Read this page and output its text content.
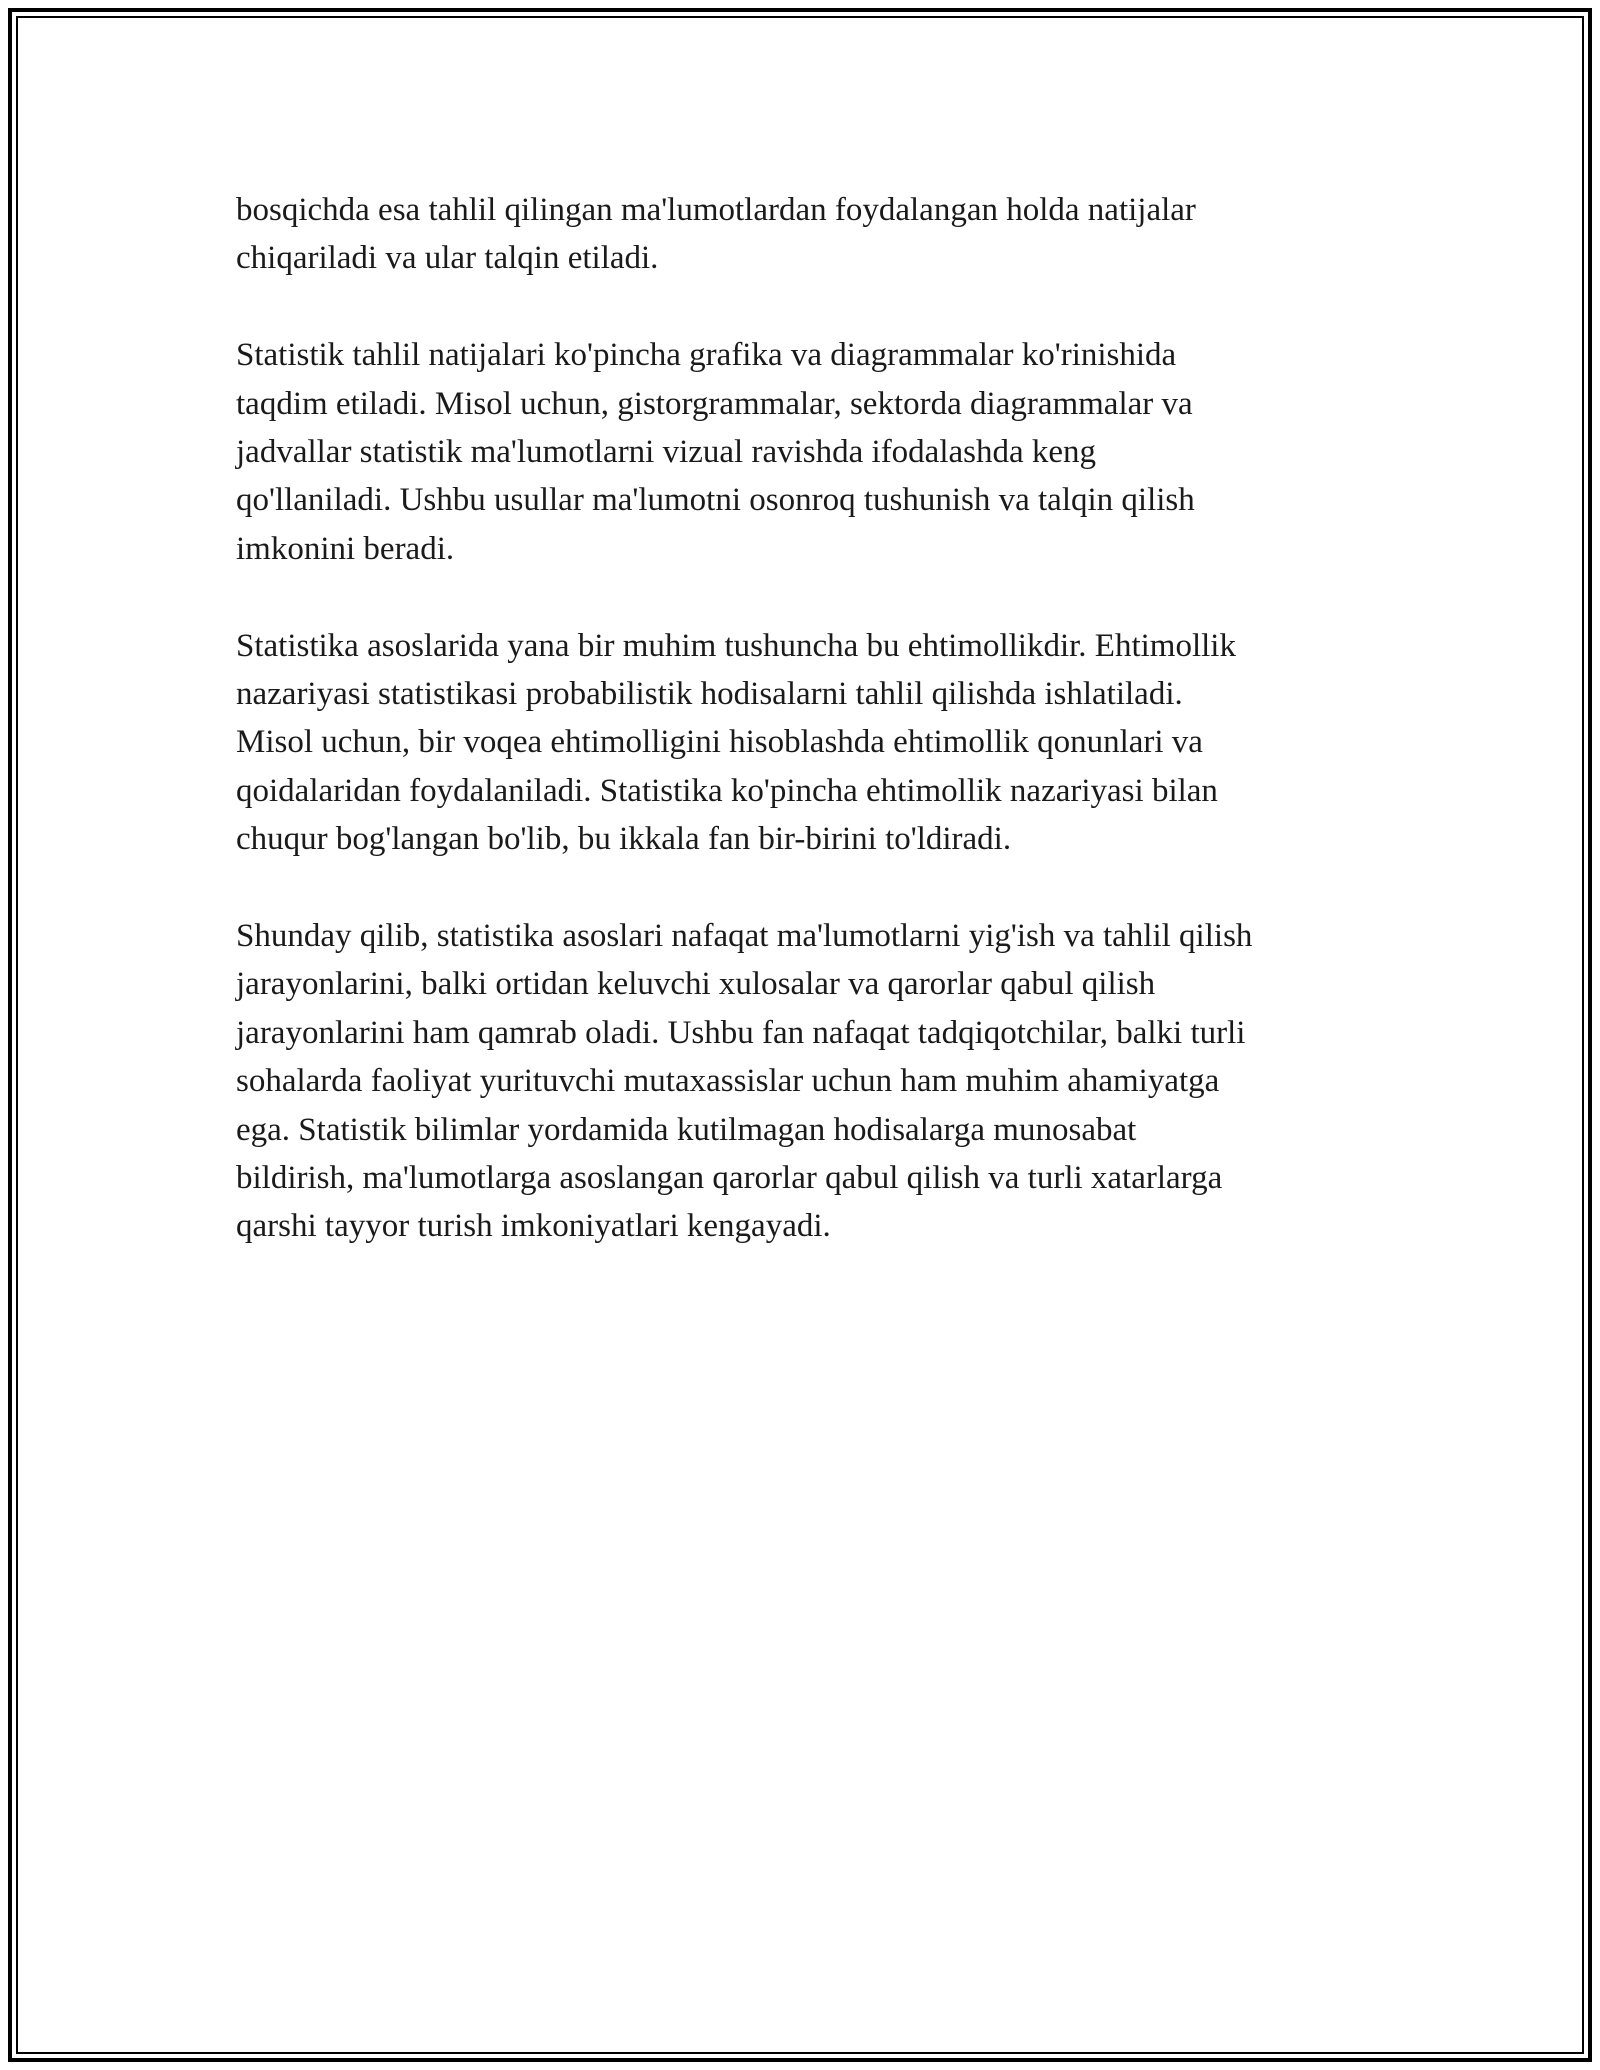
bosqichda esa tahlil qilingan ma'lumotlardan foydalangan holda natijalar
chiqariladi va ular talqin etiladi.

Statistik tahlil natijalari ko'pincha grafika va diagrammalar ko'rinishida
taqdim etiladi. Misol uchun, gistorgrammalar, sektorda diagrammalar va
jadvallar statistik ma'lumotlarni vizual ravishda ifodalashda keng
qo'llaniladi. Ushbu usullar ma'lumotni osonroq tushunish va talqin qilish
imkonini beradi.

Statistika asoslarida yana bir muhim tushuncha bu ehtimollikdir. Ehtimollik
nazariyasi statistikasi probabilistik hodisalarni tahlil qilishda ishlatiladi.
Misol uchun, bir voqea ehtimolligini hisoblashda ehtimollik qonunlari va
qoidalaridan foydalaniladi. Statistika ko'pincha ehtimollik nazariyasi bilan
chuqur bog'langan bo'lib, bu ikkala fan bir-birini to'ldiradi.

Shunday qilib, statistika asoslari nafaqat ma'lumotlarni yig'ish va tahlil qilish
jarayonlarini, balki ortidan keluvchi xulosalar va qarorlar qabul qilish
jarayonlarini ham qamrab oladi. Ushbu fan nafaqat tadqiqotchilar, balki turli
sohalarda faoliyat yurituvchi mutaxassislar uchun ham muhim ahamiyatga
ega. Statistik bilimlar yordamida kutilmagan hodisalarga munosabat
bildirish, ma'lumotlarga asoslangan qarorlar qabul qilish va turli xatarlarga
qarshi tayyor turish imkoniyatlari kengayadi.
